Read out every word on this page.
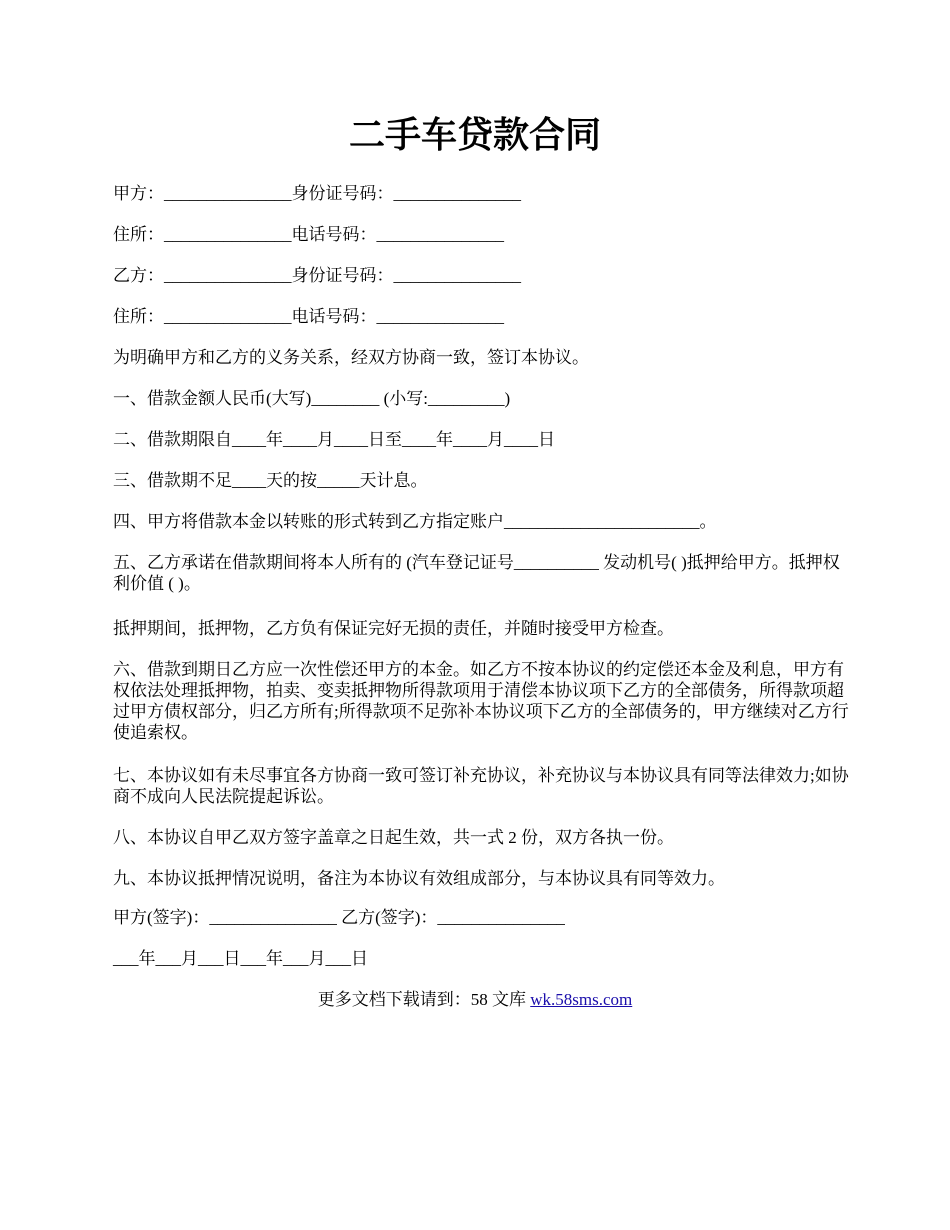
二手车贷款合同

甲方：_______________身份证号码：_______________

住所：_______________电话号码：_______________

乙方：_______________身份证号码：_______________

住所：_______________电话号码：_______________

为明确甲方和乙方的义务关系，经双方协商一致，签订本协议。

一、借款金额人民币(大写)________ (小写:_________)

二、借款期限自____年____月____日至____年____月____日

三、借款期不足____天的按_____天计息。

四、甲方将借款本金以转账的形式转到乙方指定账户_______________________。

五、乙方承诺在借款期间将本人所有的 (汽车登记证号__________ 发动机号( )抵押给甲方。抵押权利价值 ( )。

抵押期间，抵押物，乙方负有保证完好无损的责任，并随时接受甲方检查。

六、借款到期日乙方应一次性偿还甲方的本金。如乙方不按本协议的约定偿还本金及利息，甲方有权依法处理抵押物，拍卖、变卖抵押物所得款项用于清偿本协议项下乙方的全部债务，所得款项超过甲方债权部分，归乙方所有;所得款项不足弥补本协议项下乙方的全部债务的，甲方继续对乙方行使追索权。

七、本协议如有未尽事宜各方协商一致可签订补充协议，补充协议与本协议具有同等法律效力;如协商不成向人民法院提起诉讼。

八、本协议自甲乙双方签字盖章之日起生效，共一式 2 份，双方各执一份。

九、本协议抵押情况说明，备注为本协议有效组成部分，与本协议具有同等效力。

甲方(签字)：_______________ 乙方(签字)：_______________

___年___月___日___年___月___日

更多文档下载请到：58 文库 wk.58sms.com
